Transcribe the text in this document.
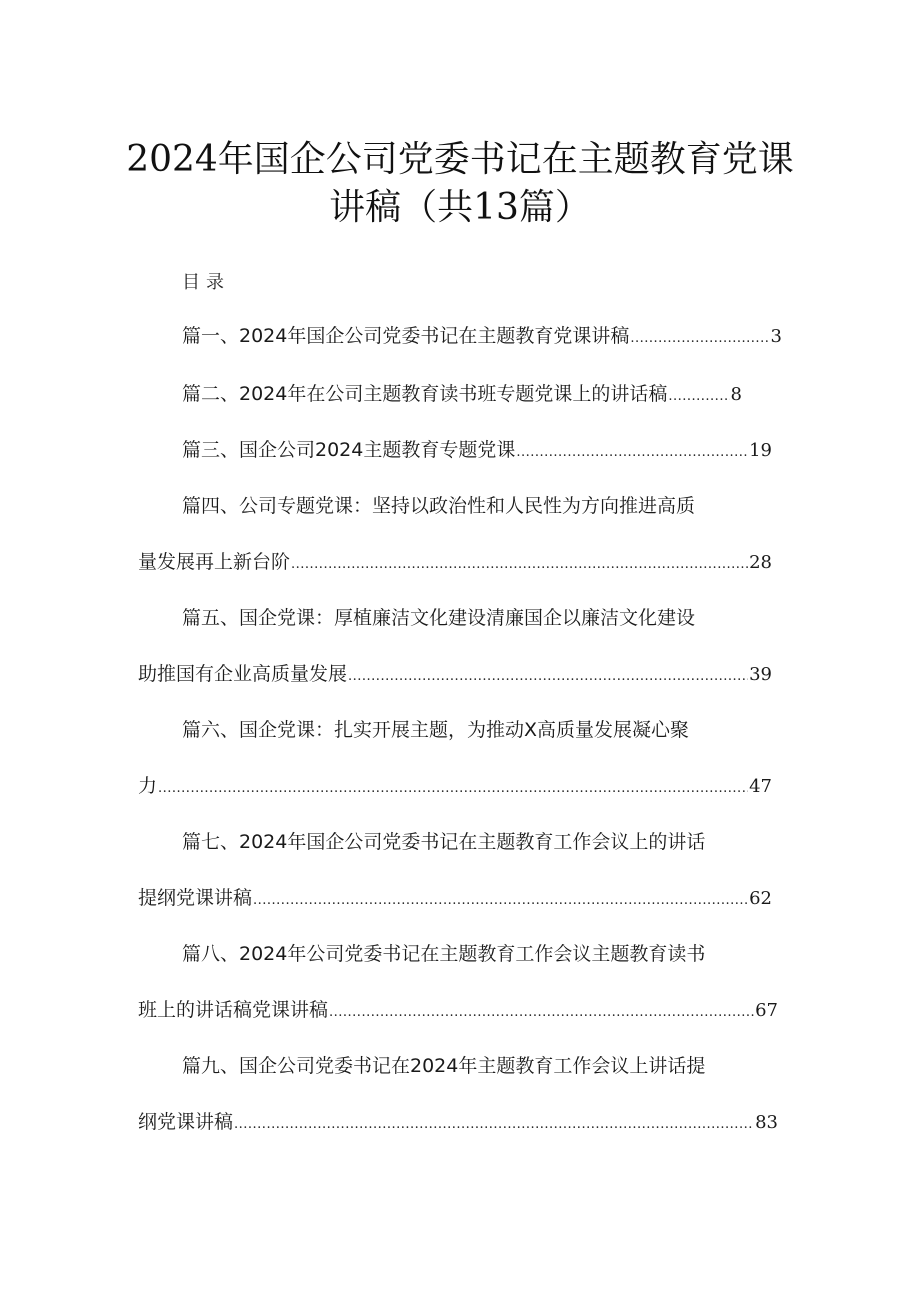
2024年国企公司党委书记在主题教育党课
讲稿（共13篇）
目录
篇一、2024年国企公司党委书记在主题教育党课讲稿 .....	3
篇二、2024年在公司主题教育读书班专题党课上的讲话稿 .....	8
篇三、国企公司2024主题教育专题党课 .....	19
篇四、公司专题党课：坚持以政治性和人民性为方向推进高质
量发展再上新台阶 .....	28
篇五、国企党课：厚植廉洁文化建设清廉国企以廉洁文化建设
助推国有企业高质量发展 .....	39
篇六、国企党课：扎实开展主题，为推动X高质量发展凝心聚
力 .....	47
篇七、2024年国企公司党委书记在主题教育工作会议上的讲话
提纲党课讲稿 .....	62
篇八、2024年公司党委书记在主题教育工作会议主题教育读书
班上的讲话稿党课讲稿 .....	67
篇九、国企公司党委书记在2024年主题教育工作会议上讲话提
纲党课讲稿 .....	83
